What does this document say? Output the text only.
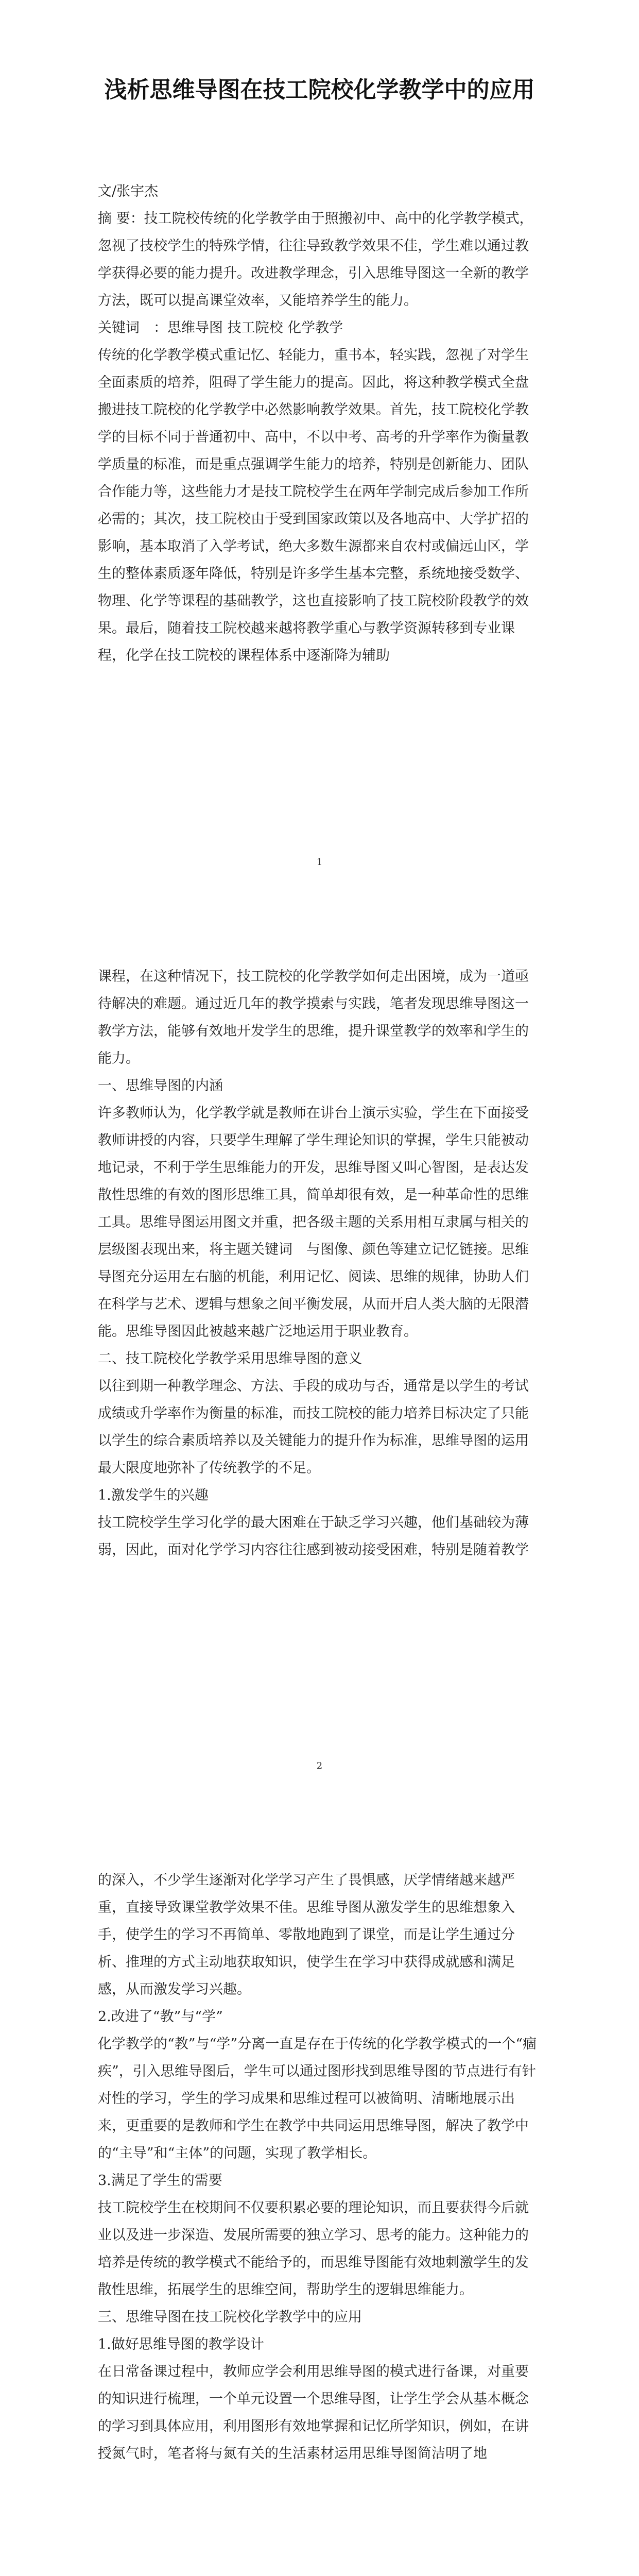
浅析思维导图在技工院校化学教学中的应用

文/张宇杰

摘 要：技工院校传统的化学教学由于照搬初中、高中的化学教学模式，忽视了技校学生的特殊学情，往往导致教学效果不佳，学生难以通过教学获得必要的能力提升。改进教学理念，引入思维导图这一全新的教学方法，既可以提高课堂效率，又能培养学生的能力。

关键词　：思维导图 技工院校 化学教学

传统的化学教学模式重记忆、轻能力，重书本，轻实践，忽视了对学生全面素质的培养，阻碍了学生能力的提高。因此，将这种教学模式全盘搬进技工院校的化学教学中必然影响教学效果。首先，技工院校化学教学的目标不同于普通初中、高中，不以中考、高考的升学率作为衡量教学质量的标准，而是重点强调学生能力的培养，特别是创新能力、团队合作能力等，这些能力才是技工院校学生在两年学制完成后参加工作所必需的；其次，技工院校由于受到国家政策以及各地高中、大学扩招的影响，基本取消了入学考试，绝大多数生源都来自农村或偏远山区，学生的整体素质逐年降低，特别是许多学生基本完整，系统地接受数学、物理、化学等课程的基础教学，这也直接影响了技工院校阶段教学的效果。最后，随着技工院校越来越将教学重心与教学资源转移到专业课程，化学在技工院校的课程体系中逐渐降为辅助

1

课程，在这种情况下，技工院校的化学教学如何走出困境，成为一道亟待解决的难题。通过近几年的教学摸索与实践，笔者发现思维导图这一教学方法，能够有效地开发学生的思维，提升课堂教学的效率和学生的能力。

一、思维导图的内涵

许多教师认为，化学教学就是教师在讲台上演示实验，学生在下面接受教师讲授的内容，只要学生理解了学生理论知识的掌握，学生只能被动地记录，不利于学生思维能力的开发，思维导图又叫心智图，是表达发散性思维的有效的图形思维工具，简单却很有效，是一种革命性的思维工具。思维导图运用图文并重，把各级主题的关系用相互隶属与相关的层级图表现出来，将主题关键词　与图像、颜色等建立记忆链接。思维导图充分运用左右脑的机能，利用记忆、阅读、思维的规律，协助人们在科学与艺术、逻辑与想象之间平衡发展，从而开启人类大脑的无限潜能。思维导图因此被越来越广泛地运用于职业教育。

二、技工院校化学教学采用思维导图的意义

以往到期一种教学理念、方法、手段的成功与否，通常是以学生的考试成绩或升学率作为衡量的标准，而技工院校的能力培养目标决定了只能以学生的综合素质培养以及关键能力的提升作为标准，思维导图的运用最大限度地弥补了传统教学的不足。

1.激发学生的兴趣

技工院校学生学习化学的最大困难在于缺乏学习兴趣，他们基础较为薄弱，因此，面对化学学习内容往往感到被动接受困难，特别是随着教学

2

的深入，不少学生逐渐对化学学习产生了畏惧感，厌学情绪越来越严重，直接导致课堂教学效果不佳。思维导图从激发学生的思维想象入手，使学生的学习不再简单、零散地跑到了课堂，而是让学生通过分析、推理的方式主动地获取知识，使学生在学习中获得成就感和满足感，从而激发学习兴趣。

2.改进了“教”与“学”

化学教学的“教”与“学”分离一直是存在于传统的化学教学模式的一个“痼疾”，引入思维导图后，学生可以通过图形找到思维导图的节点进行有针对性的学习，学生的学习成果和思维过程可以被简明、清晰地展示出来，更重要的是教师和学生在教学中共同运用思维导图，解决了教学中的“主导”和“主体”的问题，实现了教学相长。

3.满足了学生的需要

技工院校学生在校期间不仅要积累必要的理论知识，而且要获得今后就业以及进一步深造、发展所需要的独立学习、思考的能力。这种能力的培养是传统的教学模式不能给予的，而思维导图能有效地刺激学生的发散性思维，拓展学生的思维空间，帮助学生的逻辑思维能力。

三、思维导图在技工院校化学教学中的应用

1.做好思维导图的教学设计

在日常备课过程中，教师应学会利用思维导图的模式进行备课，对重要的知识进行梳理，一个单元设置一个思维导图，让学生学会从基本概念的学习到具体应用，利用图形有效地掌握和记忆所学知识，例如，在讲授氮气时，笔者将与氮有关的生活素材运用思维导图简洁明了地
